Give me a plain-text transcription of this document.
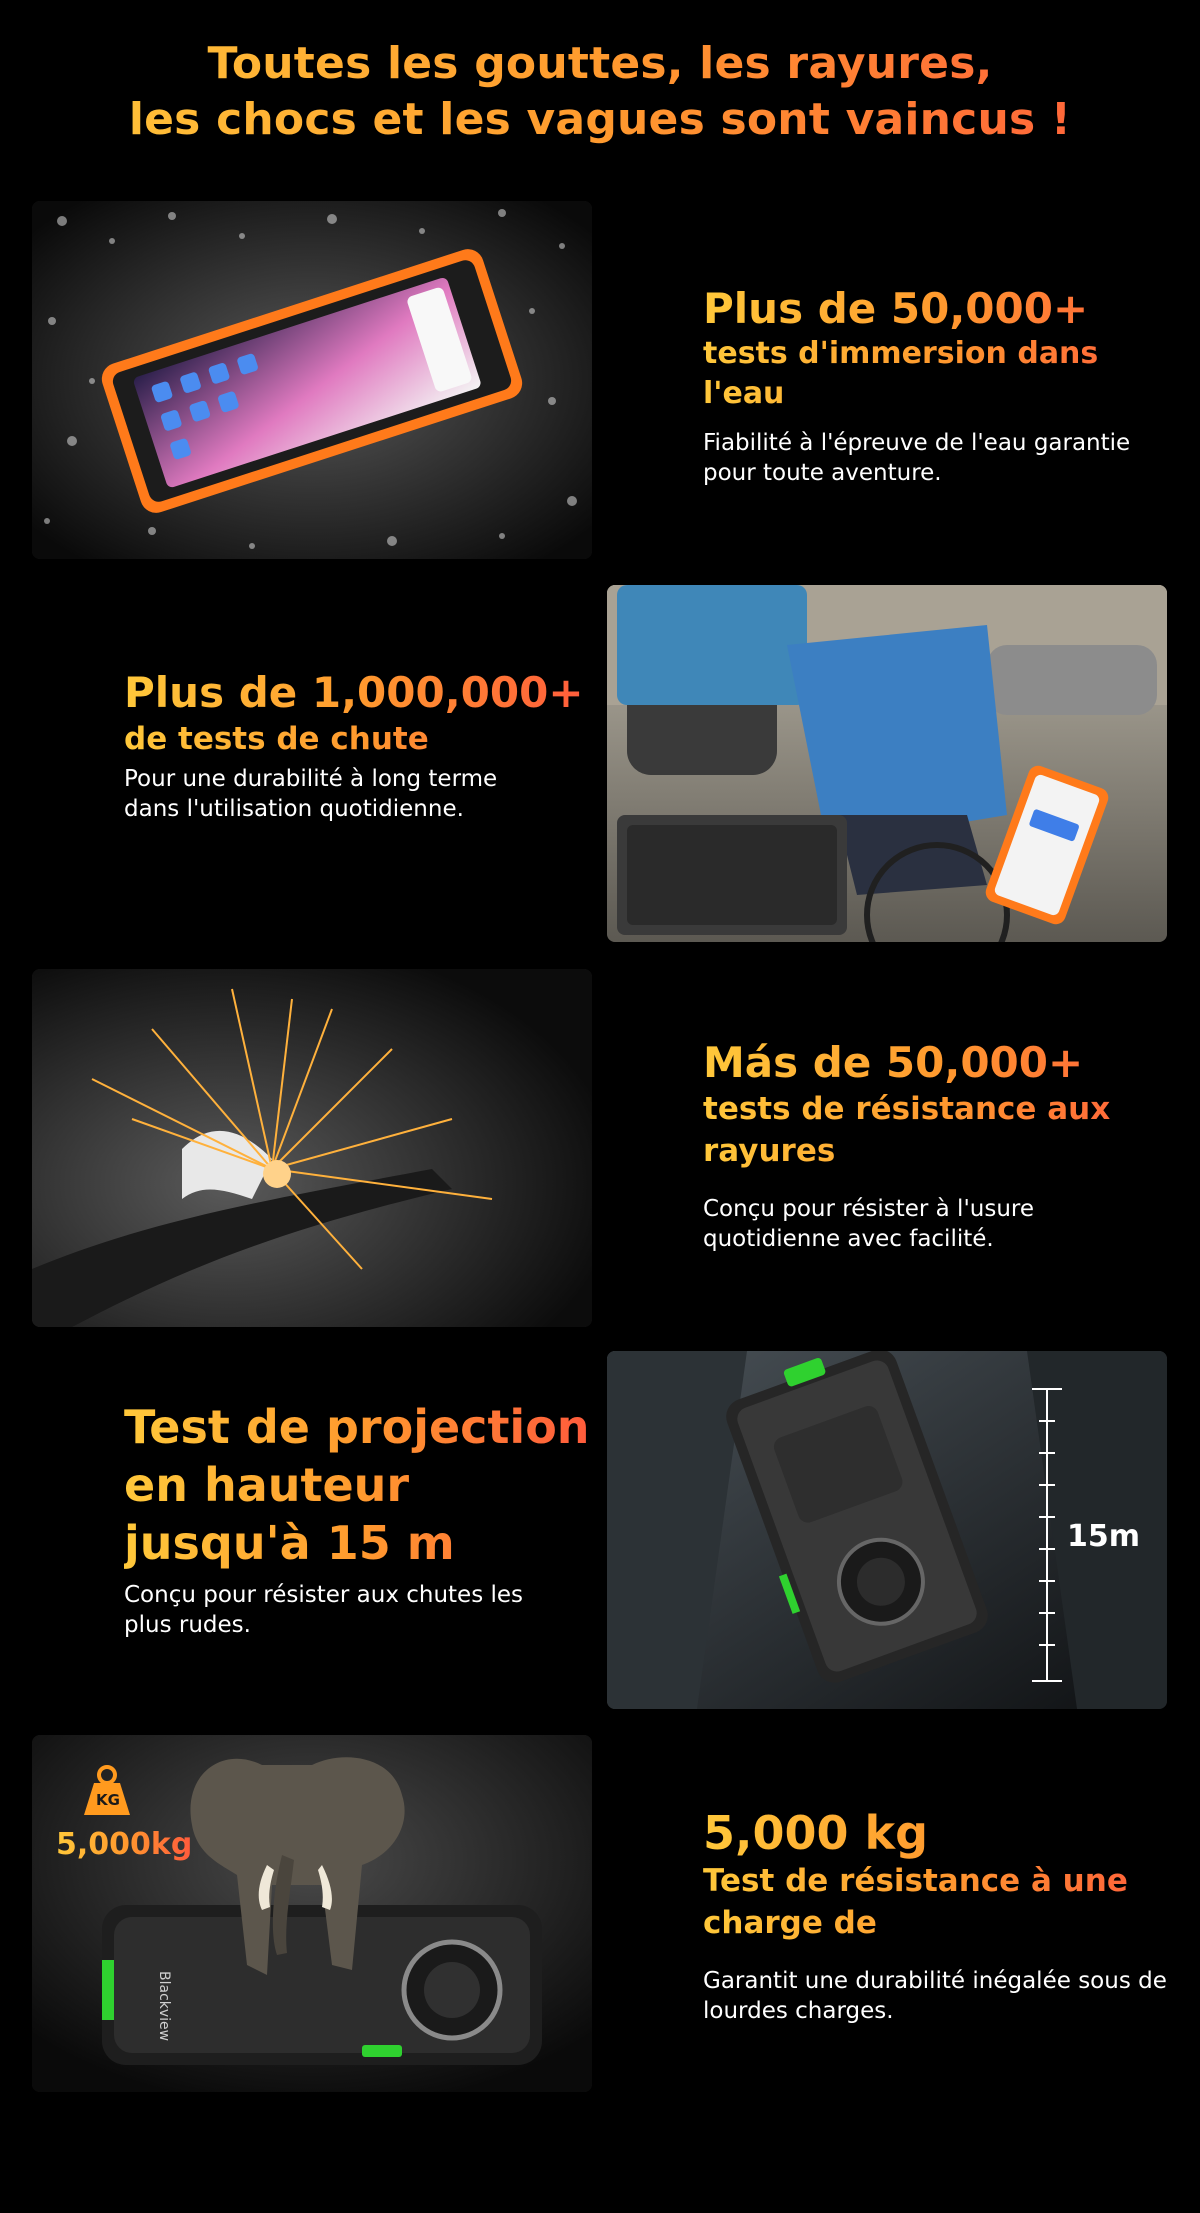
Toutes les gouttes, les rayures,
les chocs et les vagues sont vaincus !
Plus de 50,000+
tests d'immersion dans l'eau
Fiabilité à l'épreuve de l'eau garantie pour toute aventure.
Plus de 1,000,000+
de tests de chute
Pour une durabilité à long terme dans l'utilisation quotidienne.
Más de 50,000+
tests de résistance aux rayures
Conçu pour résister à l'usure quotidienne avec facilité.
Test de projection en hauteur jusqu'à 15 m
Conçu pour résister aux chutes les plus rudes.
15m
KG
5,000kg
Blackview
5,000 kg
Test de résistance à une charge de
Garantit une durabilité inégalée sous de lourdes charges.
